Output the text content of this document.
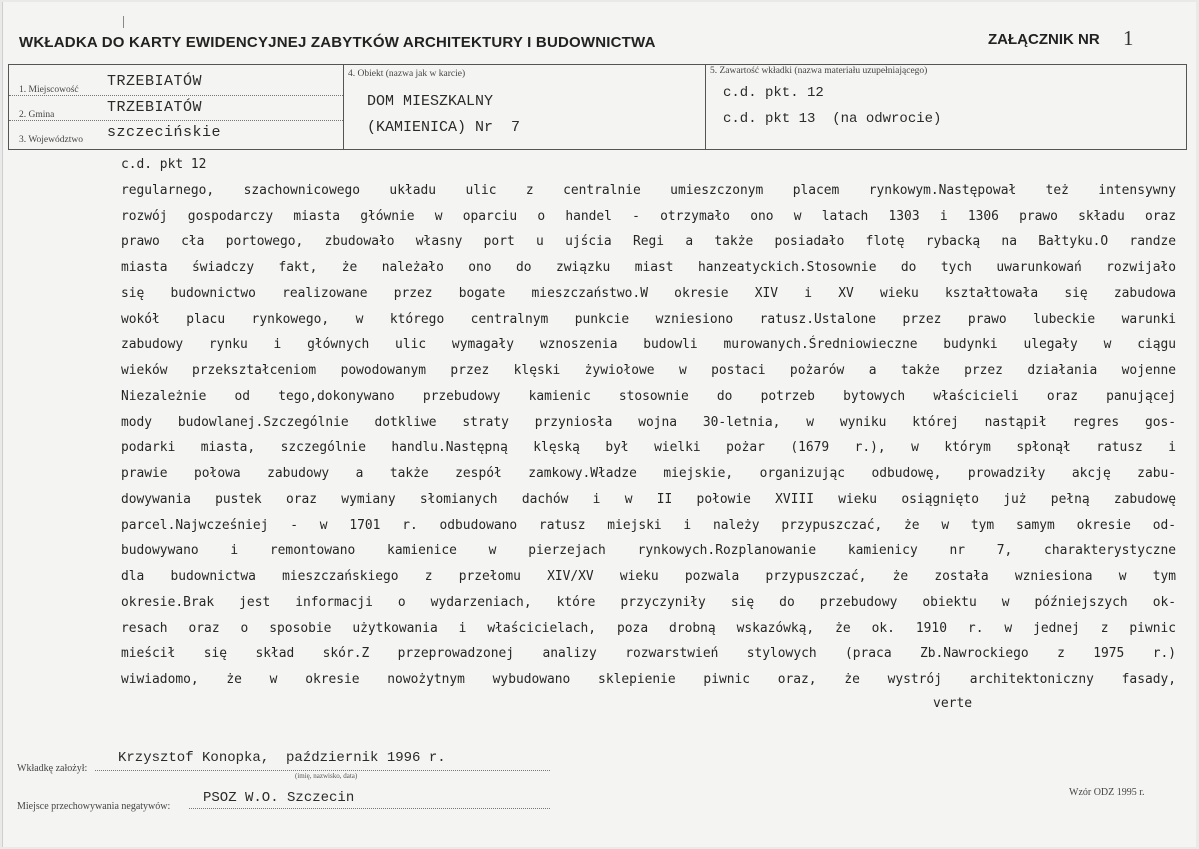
WKŁADKA DO KARTY EWIDENCYJNEJ ZABYTKÓW ARCHITEKTURY I BUDOWNICTWA	ZAŁĄCZNIK NR 1
1. Miejscowość TRZEBIATÓW
2. Gmina	TRZEBIATÓW
3. Województwo szczecińskie
4. Obiekt (nazwa jak w karcie)
DOM MIESZKALNY
(KAMIENICA) Nr  7
5. Zawartość wkładki (nazwa materiału uzupełniającego)
c.d. pkt. 12
c.d. pkt 13  (na odwrocie)
c.d. pkt 12
regularnego, szachownicowego układu ulic z centralnie umieszczonym placem rynkowym.Następował też intensywny
rozwój gospodarczy miasta głównie w oparciu o handel - otrzymało ono w latach 1303 i 1306 prawo składu oraz
prawo cła portowego, zbudowało własny port u ujścia Regi a także posiadało flotę rybacką na Bałtyku.O randze
miasta świadczy fakt, że należało ono do związku miast hanzeatyckich.Stosownie do tych uwarunkowań rozwijało
się budownictwo realizowane przez bogate mieszczaństwo.W okresie XIV i XV wieku kształtowała się zabudowa
wokół placu rynkowego, w którego centralnym punkcie wzniesiono ratusz.Ustalone przez prawo lubeckie warunki
zabudowy rynku i głównych ulic wymagały wznoszenia budowli murowanych.Średniowieczne budynki ulegały w ciągu
wieków przekształceniom powodowanym przez klęski żywiołowe w postaci pożarów a także przez działania wojenne
Niezależnie od tego,dokonywano przebudowy kamienic stosownie do potrzeb bytowych właścicieli oraz panującej
mody budowlanej.Szczególnie dotkliwe straty przyniosła wojna 30-letnia, w wyniku której nastąpił regres gos-
podarki miasta, szczególnie handlu.Następną klęską był wielki pożar (1679 r.), w którym spłonął ratusz i
prawie połowa zabudowy a także zespół zamkowy.Władze miejskie, organizując odbudowę, prowadziły akcję zabu-
dowywania pustek oraz wymiany słomianych dachów i w II połowie XVIII wieku osiągnięto już pełną zabudowę
parcel.Najwcześniej - w 1701 r. odbudowano ratusz miejski i należy przypuszczać, że w tym samym okresie od-
budowywano i remontowano kamienice w pierzejach rynkowych.Rozplanowanie kamienicy nr 7, charakterystyczne
dla budownictwa mieszczańskiego z przełomu XIV/XV wieku pozwala przypuszczać, że została wzniesiona w tym
okresie.Brak jest informacji o wydarzeniach, które przyczyniły się do przebudowy obiektu w późniejszych ok-
resach oraz o sposobie użytkowania i właścicielach, poza drobną wskazówką, że ok. 1910 r. w jednej z piwnic
mieścił się skład skór.Z przeprowadzonej analizy rozwarstwień stylowych (praca Zb.Nawrockiego z 1975 r.)
wiwiadomo, że w okresie nowożytnym wybudowano sklepienie piwnic oraz, że wystrój architektoniczny fasady,
verte
Wkładkę założył:
Krzysztof Konopka,  październik 1996 r.
(imię, nazwisko, data)
Miejsce przechowywania negatywów:
PSOZ W.O. Szczecin	Wzór ODZ 1995 r.
